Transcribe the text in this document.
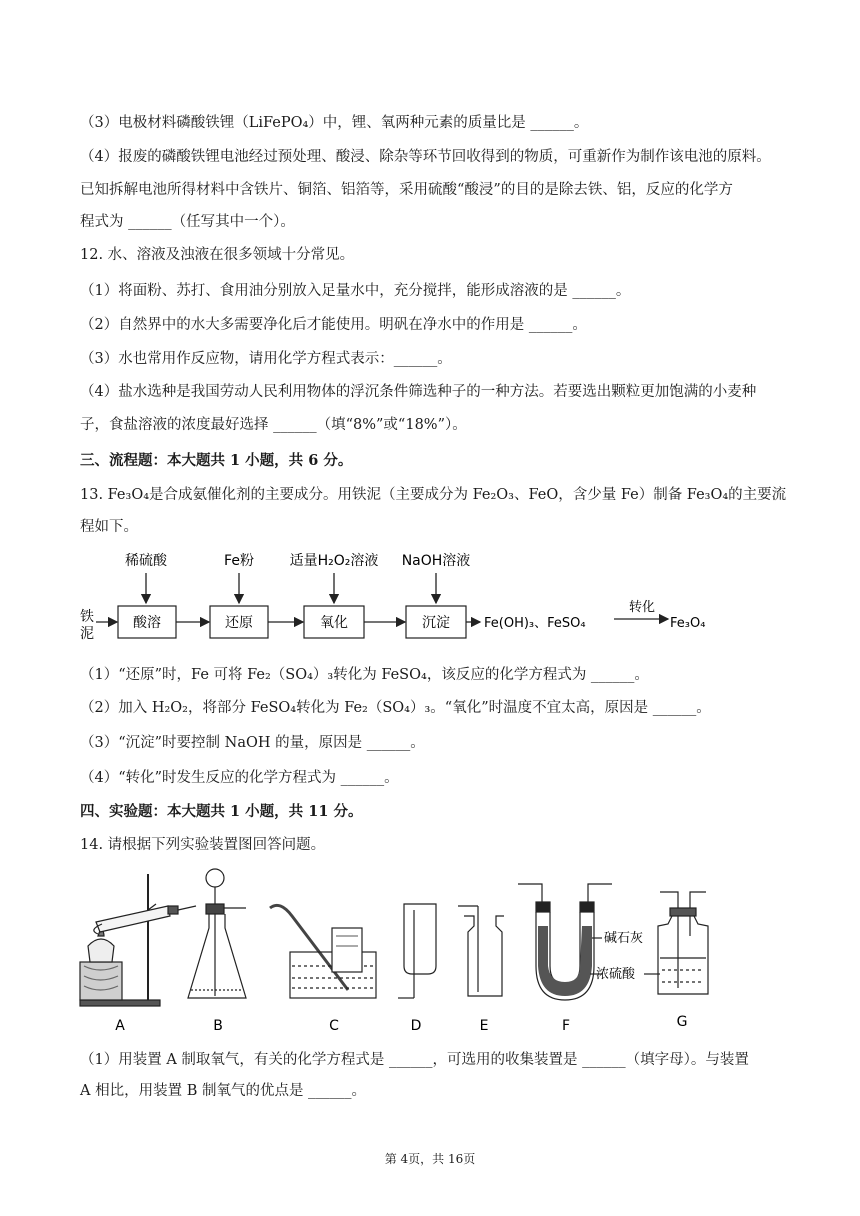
（3）电极材料磷酸铁锂（LiFePO₄）中，锂、氧两种元素的质量比是 ______。
（4）报废的磷酸铁锂电池经过预处理、酸浸、除杂等环节回收得到的物质，可重新作为制作该电池的原料。
已知拆解电池所得材料中含铁片、铜箔、铝箔等，采用硫酸“酸浸”的目的是除去铁、铝，反应的化学方
程式为 ______（任写其中一个）。
12. 水、溶液及浊液在很多领域十分常见。
（1）将面粉、苏打、食用油分别放入足量水中，充分搅拌，能形成溶液的是 ______。
（2）自然界中的水大多需要净化后才能使用。明矾在净水中的作用是 ______。
（3）水也常用作反应物，请用化学方程式表示：______。
（4）盐水选种是我国劳动人民利用物体的浮沉条件筛选种子的一种方法。若要选出颗粒更加饱满的小麦种
子，食盐溶液的浓度最好选择 ______（填“8%”或“18%”）。
三、流程题：本大题共 1 小题，共 6 分。
13. Fe₃O₄是合成氨催化剂的主要成分。用铁泥（主要成分为 Fe₂O₃、FeO，含少量 Fe）制备 Fe₃O₄的主要流
程如下。
稀硫酸	Fe粉	适量H₂O₂溶液 NaOH溶液
铁
泥
酸溶	还原	氧化	沉淀	Fe(OH)₃、FeSO₄
转化
Fe₃O₄
（1）“还原”时，Fe 可将 Fe₂（SO₄）₃转化为 FeSO₄，该反应的化学方程式为 ______。
（2）加入 H₂O₂，将部分 FeSO₄转化为 Fe₂（SO₄）₃。“氧化”时温度不宜太高，原因是 ______。
（3）“沉淀”时要控制 NaOH 的量，原因是 ______。
（4）“转化”时发生反应的化学方程式为 ______。
四、实验题：本大题共 1 小题，共 11 分。
14. 请根据下列实验装置图回答问题。
A	B	C	D	E
碱石灰
浓硫酸
F	G
（1）用装置 A 制取氧气，有关的化学方程式是 ______，可选用的收集装置是 ______（填字母）。与装置
A 相比，用装置 B 制氧气的优点是 ______。
第 4页，共 16页
